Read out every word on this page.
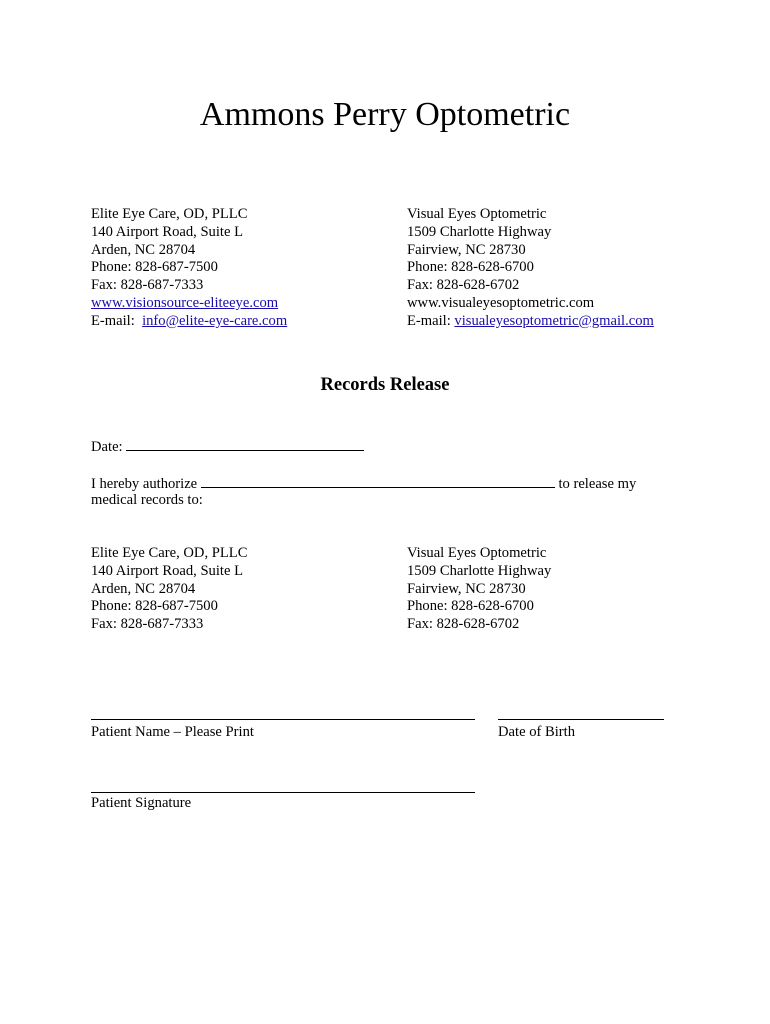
Ammons Perry Optometric
Elite Eye Care, OD, PLLC
140 Airport Road, Suite L
Arden, NC 28704
Phone: 828-687-7500
Fax: 828-687-7333
www.visionsource-eliteeye.com
E-mail:  info@elite-eye-care.com
Visual Eyes Optometric
1509 Charlotte Highway
Fairview, NC 28730
Phone: 828-628-6700
Fax: 828-628-6702
www.visualeyesoptometric.com
E-mail: visualeyesoptometric@gmail.com
Records Release
Date:
I hereby authorize	to release my
medical records to:
Elite Eye Care, OD, PLLC
140 Airport Road, Suite L
Arden, NC 28704
Phone: 828-687-7500
Fax: 828-687-7333
Visual Eyes Optometric
1509 Charlotte Highway
Fairview, NC 28730
Phone: 828-628-6700
Fax: 828-628-6702
Patient Name – Please Print	Date of Birth
Patient Signature
